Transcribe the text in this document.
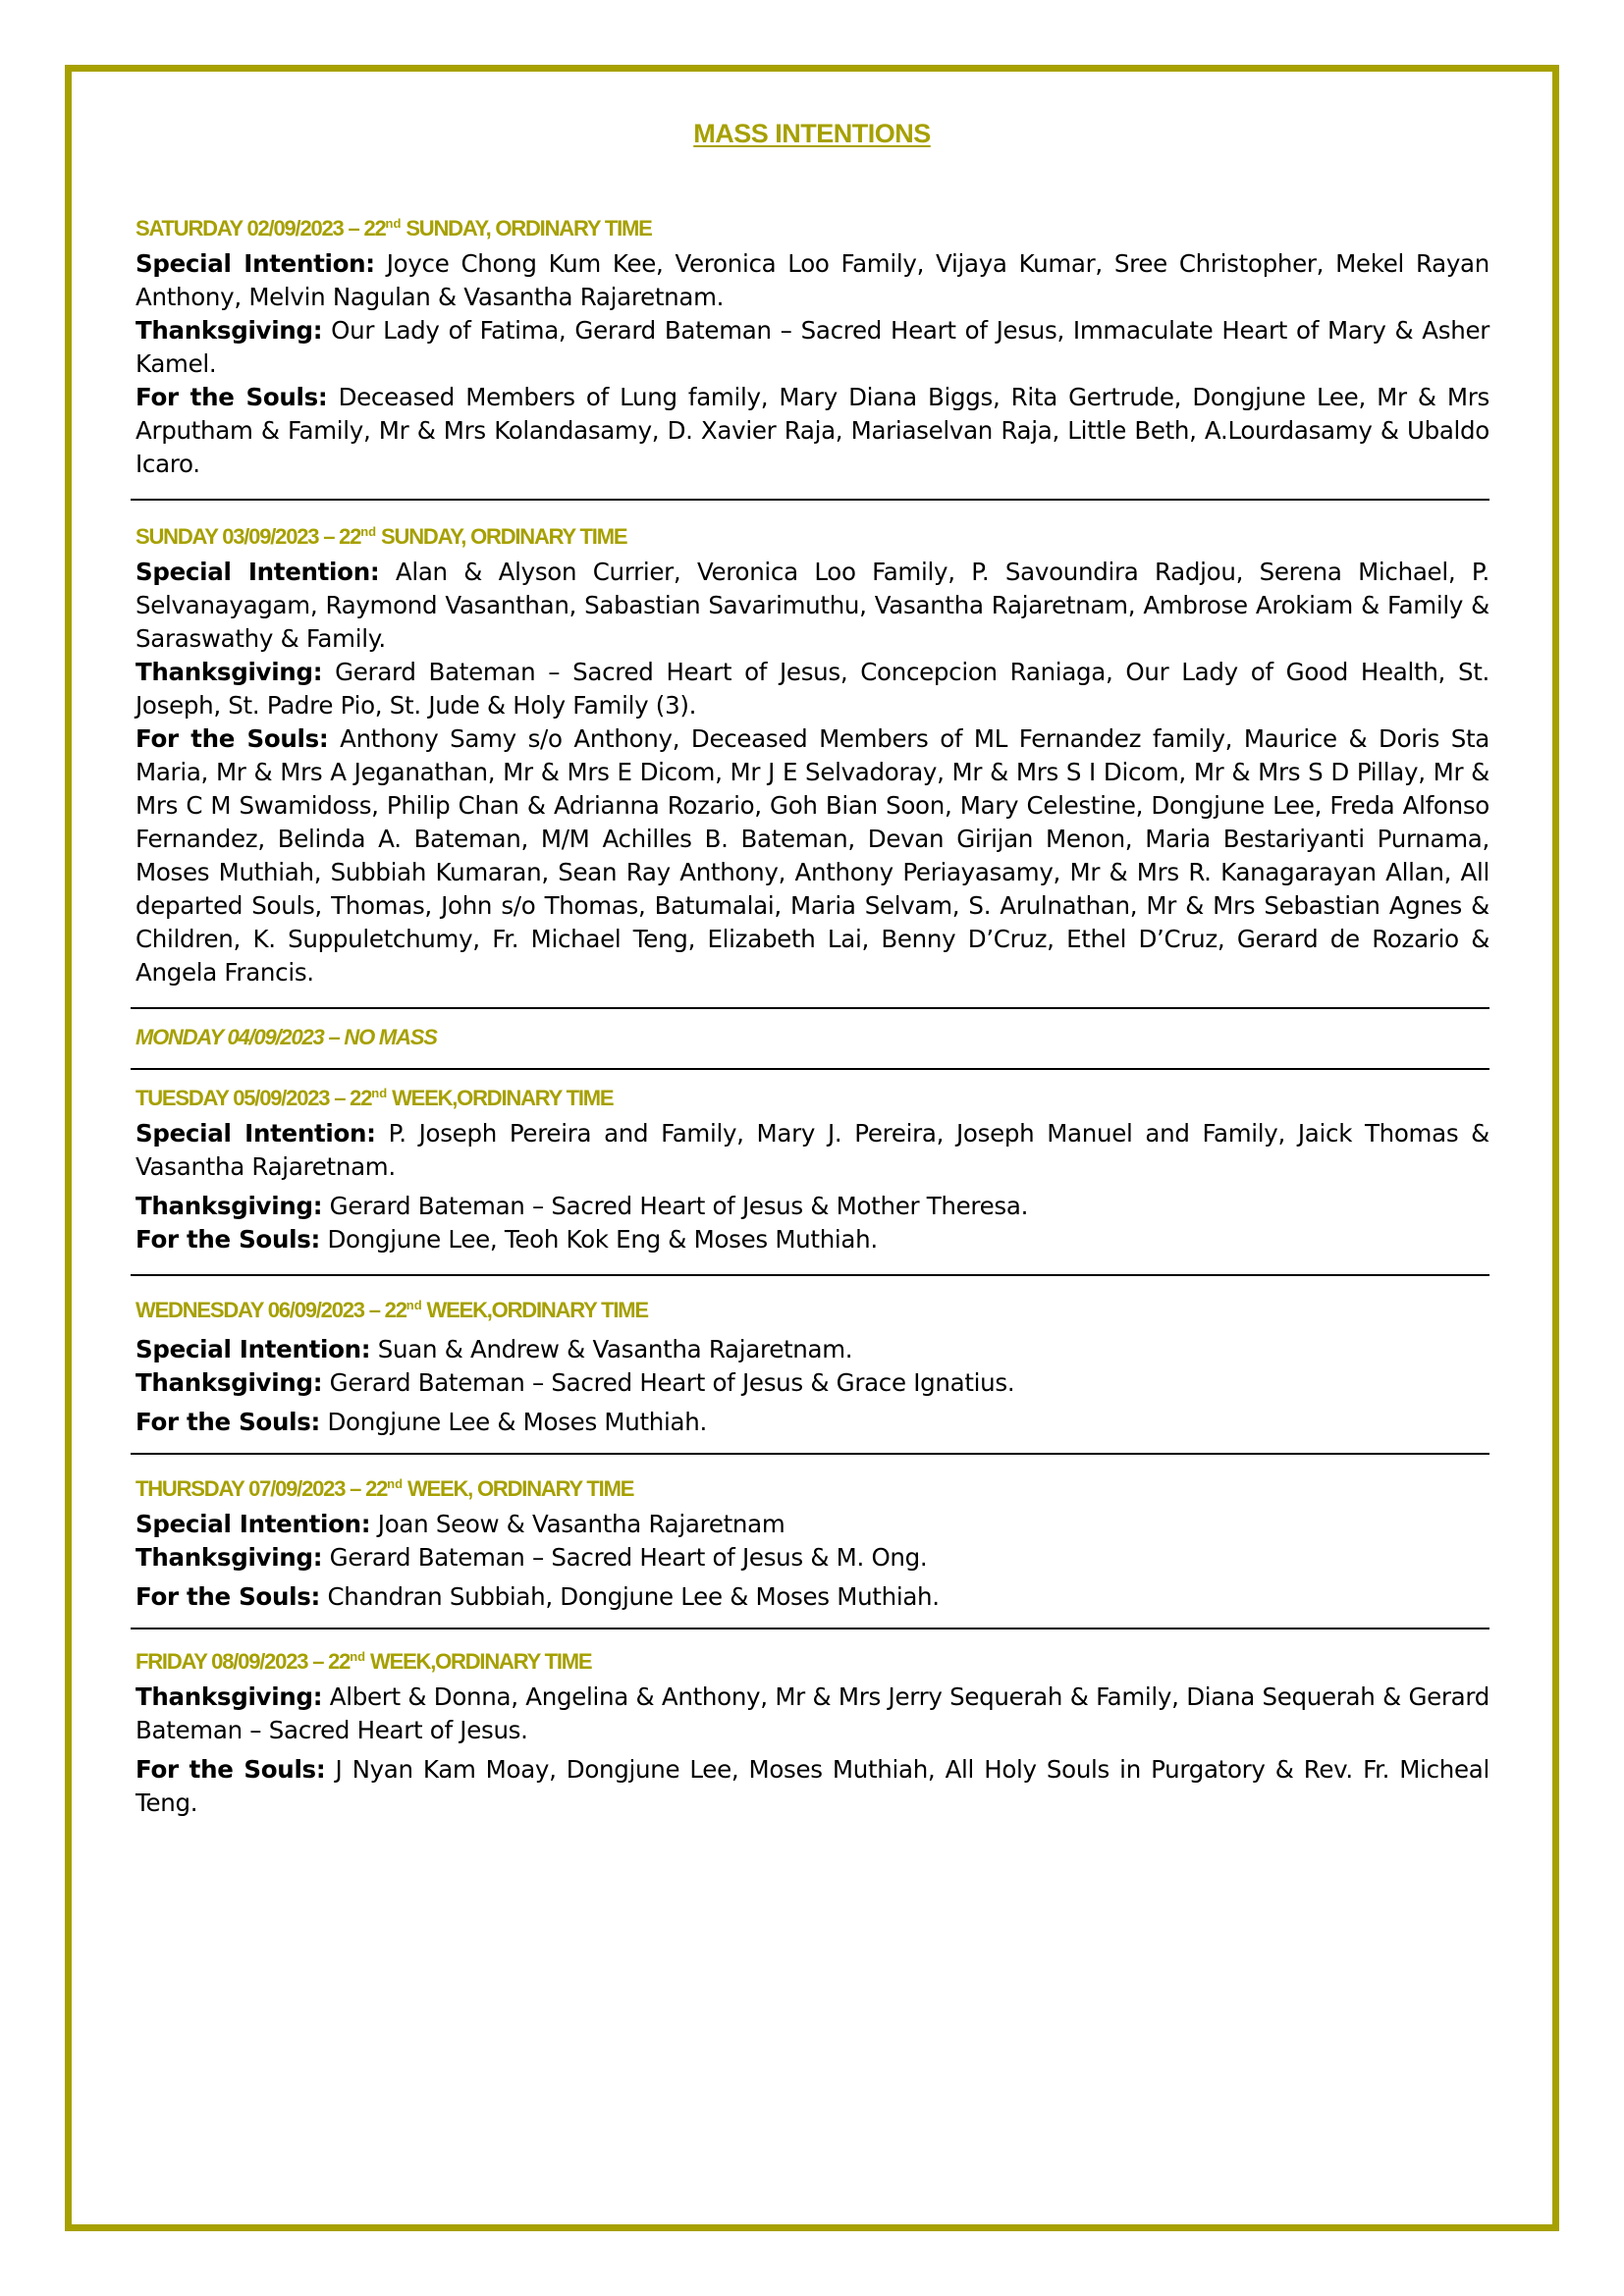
MASS INTENTIONS
SATURDAY 02/09/2023 – 22nd SUNDAY, ORDINARY TIME
Special Intention: Joyce Chong Kum Kee, Veronica Loo Family, Vijaya Kumar, Sree Christopher, Mekel Rayan Anthony, Melvin Nagulan & Vasantha Rajaretnam.
Thanksgiving: Our Lady of Fatima, Gerard Bateman – Sacred Heart of Jesus, Immaculate Heart of Mary & Asher Kamel.
For the Souls: Deceased Members of Lung family, Mary Diana Biggs, Rita Gertrude, Dongjune Lee, Mr & Mrs Arputham & Family, Mr & Mrs Kolandasamy, D. Xavier Raja, Mariaselvan Raja, Little Beth, A.Lourdasamy & Ubaldo Icaro.
SUNDAY 03/09/2023 – 22nd SUNDAY, ORDINARY TIME
Special Intention: Alan & Alyson Currier, Veronica Loo Family, P. Savoundira Radjou, Serena Michael, P. Selvanayagam, Raymond Vasanthan, Sabastian Savarimuthu, Vasantha Rajaretnam, Ambrose Arokiam & Family & Saraswathy & Family.
Thanksgiving: Gerard Bateman – Sacred Heart of Jesus, Concepcion Raniaga, Our Lady of Good Health, St. Joseph, St. Padre Pio, St. Jude & Holy Family (3).
For the Souls: Anthony Samy s/o Anthony, Deceased Members of ML Fernandez family, Maurice & Doris Sta Maria, Mr & Mrs A Jeganathan, Mr & Mrs E Dicom, Mr J E Selvadoray, Mr & Mrs S I Dicom, Mr & Mrs S D Pillay, Mr & Mrs C M Swamidoss, Philip Chan & Adrianna Rozario, Goh Bian Soon, Mary Celestine, Dongjune Lee, Freda Alfonso Fernandez, Belinda A. Bateman, M/M Achilles B. Bateman, Devan Girijan Menon, Maria Bestariyanti Purnama, Moses Muthiah, Subbiah Kumaran, Sean Ray Anthony, Anthony Periayasamy, Mr & Mrs R. Kanagarayan Allan, All departed Souls, Thomas, John s/o Thomas, Batumalai, Maria Selvam, S. Arulnathan, Mr & Mrs Sebastian Agnes & Children, K. Suppuletchumy, Fr. Michael Teng, Elizabeth Lai, Benny D’Cruz, Ethel D’Cruz, Gerard de Rozario & Angela Francis.
MONDAY 04/09/2023 – NO MASS
TUESDAY 05/09/2023 – 22nd WEEK,ORDINARY TIME
Special Intention: P. Joseph Pereira and Family, Mary J. Pereira, Joseph Manuel and Family, Jaick Thomas & Vasantha Rajaretnam.
Thanksgiving: Gerard Bateman – Sacred Heart of Jesus & Mother Theresa.
For the Souls: Dongjune Lee, Teoh Kok Eng & Moses Muthiah.
WEDNESDAY 06/09/2023 – 22nd WEEK,ORDINARY TIME
Special Intention: Suan & Andrew & Vasantha Rajaretnam.
Thanksgiving: Gerard Bateman – Sacred Heart of Jesus & Grace Ignatius.
For the Souls: Dongjune Lee & Moses Muthiah.
THURSDAY 07/09/2023 – 22nd WEEK, ORDINARY TIME
Special Intention: Joan Seow & Vasantha Rajaretnam
Thanksgiving: Gerard Bateman – Sacred Heart of Jesus & M. Ong.
For the Souls: Chandran Subbiah, Dongjune Lee & Moses Muthiah.
FRIDAY 08/09/2023 – 22nd WEEK,ORDINARY TIME
Thanksgiving: Albert & Donna, Angelina & Anthony, Mr & Mrs Jerry Sequerah & Family, Diana Sequerah & Gerard Bateman – Sacred Heart of Jesus.
For the Souls: J Nyan Kam Moay, Dongjune Lee, Moses Muthiah, All Holy Souls in Purgatory & Rev. Fr. Micheal Teng.
